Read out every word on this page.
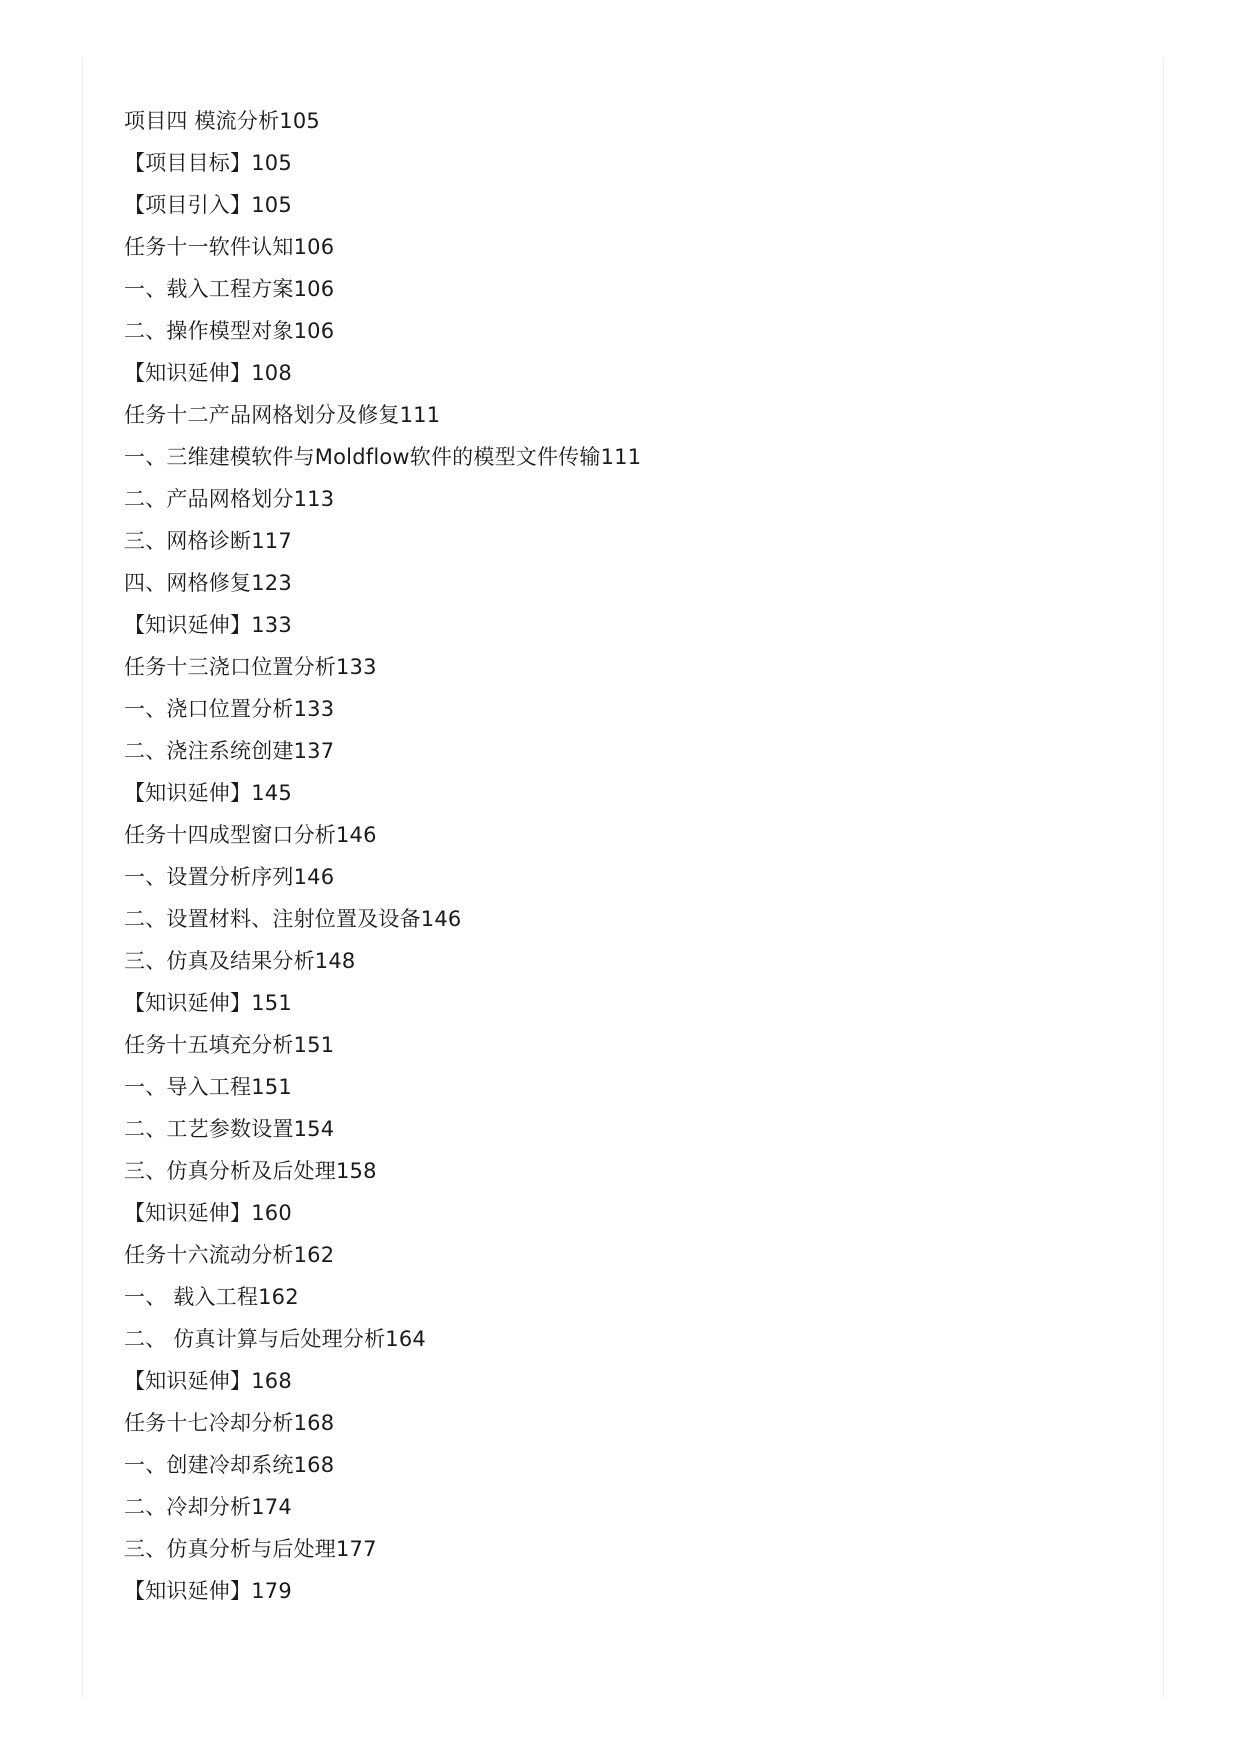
项目四 模流分析105
【项目目标】105
【项目引入】105
任务十一软件认知106
一、载入工程方案106
二、操作模型对象106
【知识延伸】108
任务十二产品网格划分及修复111
一、三维建模软件与Moldflow软件的模型文件传输111
二、产品网格划分113
三、网格诊断117
四、网格修复123
【知识延伸】133
任务十三浇口位置分析133
一、浇口位置分析133
二、浇注系统创建137
【知识延伸】145
任务十四成型窗口分析146
一、设置分析序列146
二、设置材料、注射位置及设备146
三、仿真及结果分析148
【知识延伸】151
任务十五填充分析151
一、导入工程151
二、工艺参数设置154
三、仿真分析及后处理158
【知识延伸】160
任务十六流动分析162
一、 载入工程162
二、 仿真计算与后处理分析164
【知识延伸】168
任务十七冷却分析168
一、创建冷却系统168
二、冷却分析174
三、仿真分析与后处理177
【知识延伸】179
